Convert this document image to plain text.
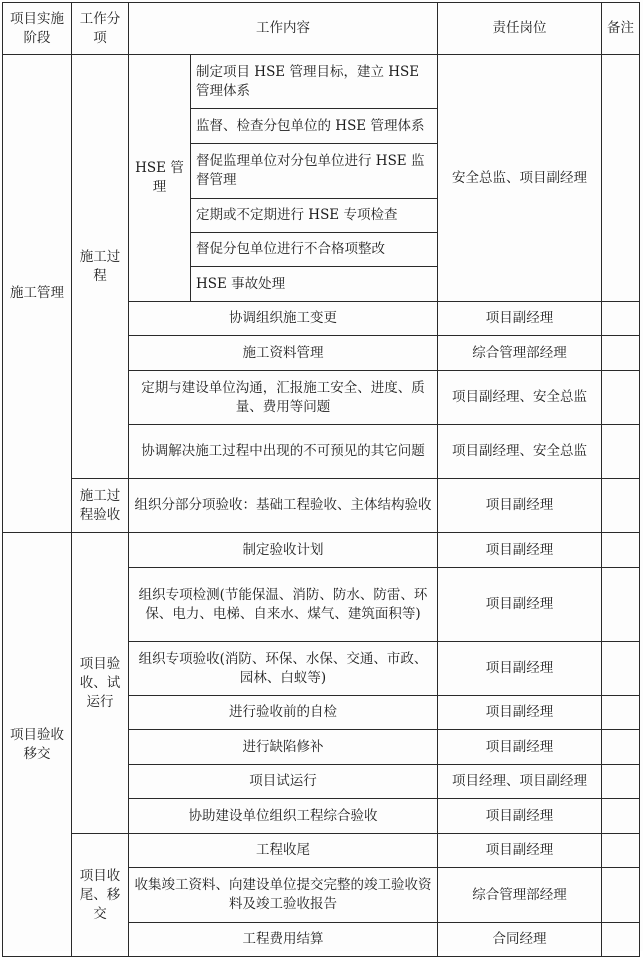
项目实施阶段	工作分项	工作内容		责任岗位	备注
施工管理	施工过程	HSE 管理	制定项目 HSE 管理目标，建立 HSE 管理体系	安全总监、项目副经理	
			监督、检查分包单位的 HSE 管理体系		
			督促监理单位对分包单位进行 HSE 监督管理		
			定期或不定期进行 HSE 专项检查		
			督促分包单位进行不合格项整改		
			HSE 事故处理		
		协调组织施工变更		项目副经理	
		施工资料管理		综合管理部经理	
		定期与建设单位沟通，汇报施工安全、进度、质量、费用等问题		项目副经理、安全总监	
		协调解决施工过程中出现的不可预见的其它问题		项目副经理、安全总监	
	施工过程验收	组织分部分项验收：基础工程验收、主体结构验收		项目副经理	
项目验收移交	项目验收、试运行	制定验收计划		项目副经理	
		组织专项检测(节能保温、消防、防水、防雷、环保、电力、电梯、自来水、煤气、建筑面积等)		项目副经理	
		组织专项验收(消防、环保、水保、交通、市政、园林、白蚁等)		项目副经理	
		进行验收前的自检		项目副经理	
		进行缺陷修补		项目副经理	
		项目试运行		项目经理、项目副经理	
		协助建设单位组织工程综合验收		项目副经理	
	项目收尾、移交	工程收尾		项目副经理	
		收集竣工资料、向建设单位提交完整的竣工验收资料及竣工验收报告		综合管理部经理	
		工程费用结算		合同经理	
